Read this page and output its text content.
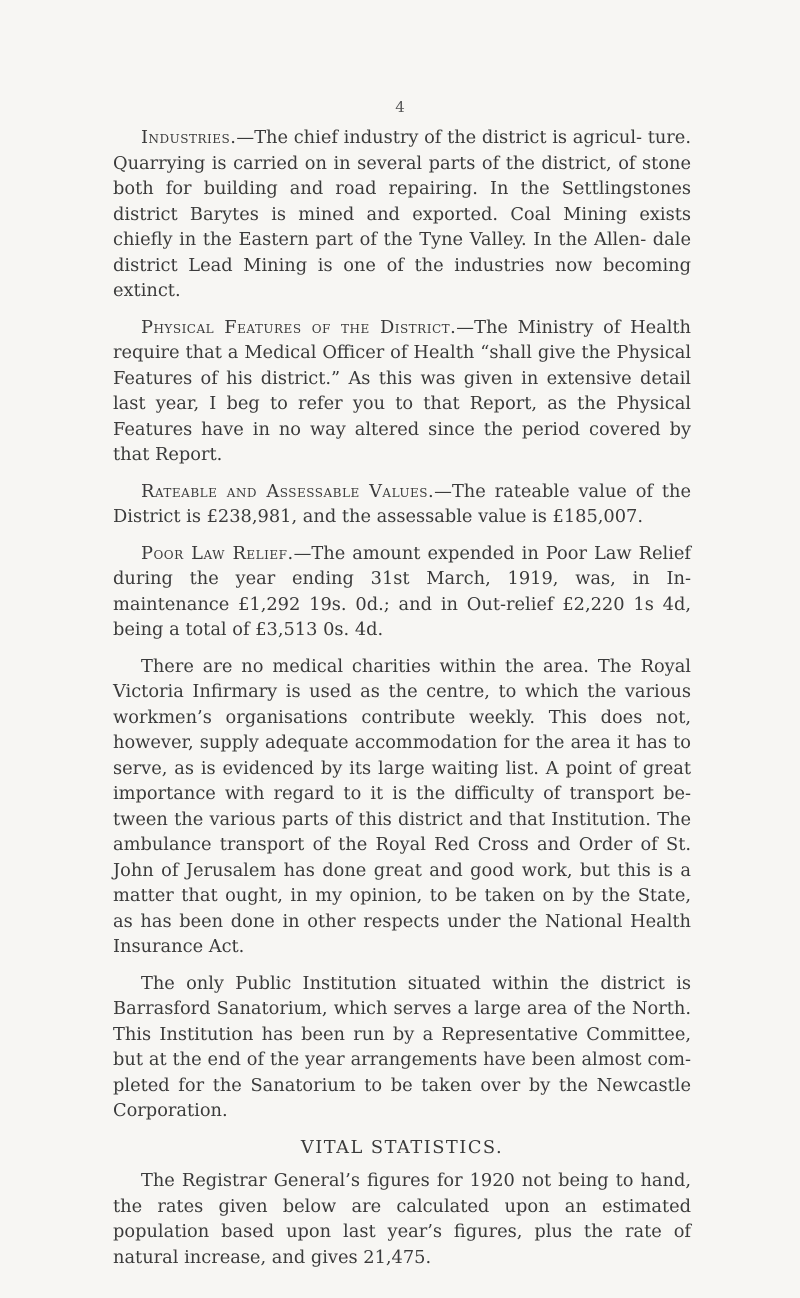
4

Industries.—The chief industry of the district is agricul- ture. Quarrying is carried on in several parts of the district, of stone both for building and road repairing. In the Settlingstones district Barytes is mined and exported. Coal Mining exists chiefly in the Eastern part of the Tyne Valley. In the Allen- dale district Lead Mining is one of the industries now becoming extinct.

Physical Features of the District.—The Ministry of Health require that a Medical Officer of Health “shall give the Physical Features of his district.” As this was given in extensive detail last year, I beg to refer you to that Report, as the Physical Features have in no way altered since the period covered by that Report.

Rateable and Assessable Values.—The rateable value of the District is £238,981, and the assessable value is £185,007.

Poor Law Relief.—The amount expended in Poor Law Relief during the year ending 31st March, 1919, was, in In-maintenance £1,292 19s. 0d.; and in Out-relief £2,220 1s 4d, being a total of £3,513 0s. 4d.

There are no medical charities within the area. The Royal Victoria Infirmary is used as the centre, to which the various workmen’s organisations contribute weekly. This does not, however, supply adequate accommodation for the area it has to serve, as is evidenced by its large waiting list. A point of great importance with regard to it is the difficulty of transport be- tween the various parts of this district and that Institution. The ambulance transport of the Royal Red Cross and Order of St. John of Jerusalem has done great and good work, but this is a matter that ought, in my opinion, to be taken on by the State, as has been done in other respects under the National Health Insurance Act.

The only Public Institution situated within the district is Barrasford Sanatorium, which serves a large area of the North. This Institution has been run by a Representative Committee, but at the end of the year arrangements have been almost com- pleted for the Sanatorium to be taken over by the Newcastle Corporation.

VITAL STATISTICS.

The Registrar General’s figures for 1920 not being to hand, the rates given below are calculated upon an estimated population based upon last year’s figures, plus the rate of natural increase, and gives 21,475.
